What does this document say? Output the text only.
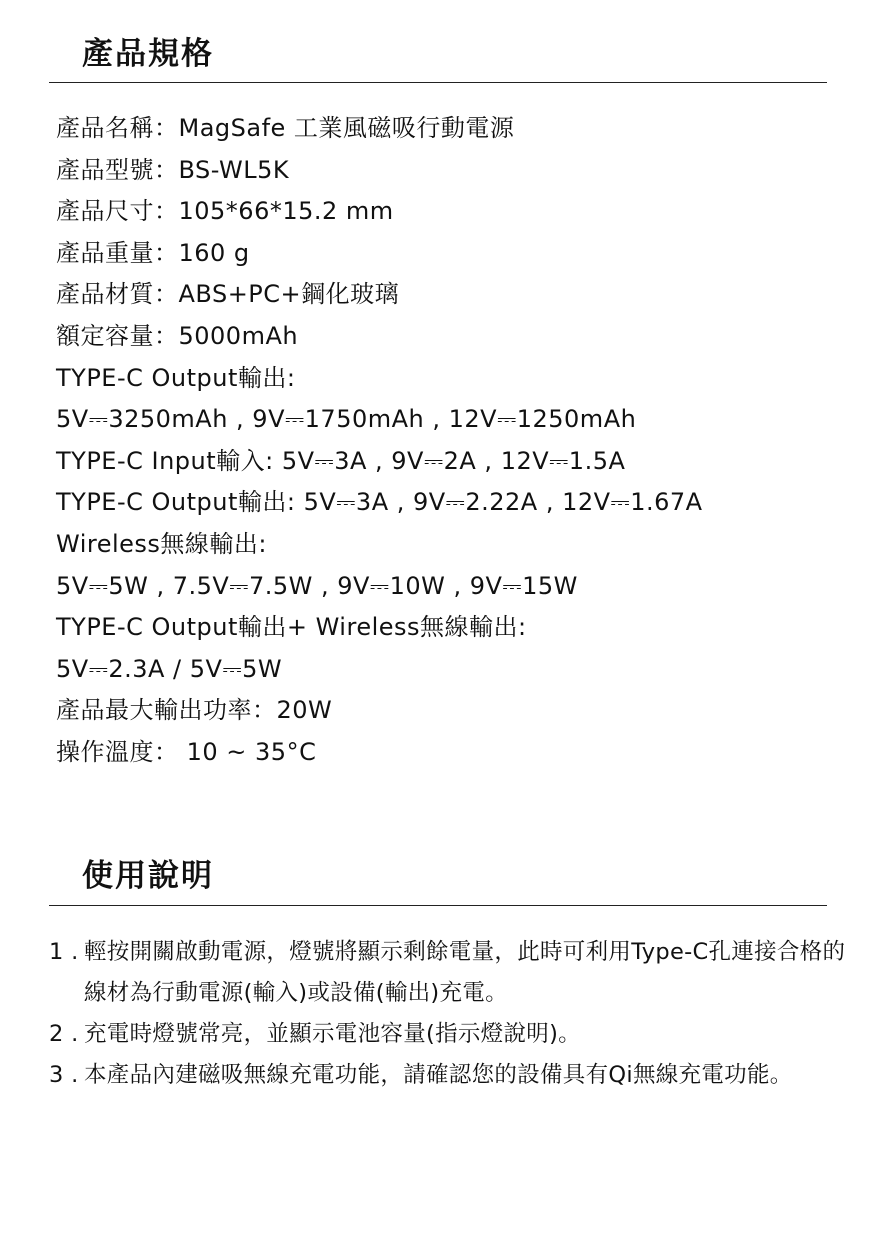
產品規格
產品名稱：MagSafe 工業風磁吸行動電源
產品型號：BS-WL5K
產品尺寸：105*66*15.2 mm
產品重量：160 g
產品材質：ABS+PC+鋼化玻璃
額定容量：5000mAh
TYPE-C Output輸出:
5V⎓3250mAh , 9V⎓1750mAh , 12V⎓1250mAh
TYPE-C Input輸入: 5V⎓3A , 9V⎓2A , 12V⎓1.5A
TYPE-C Output輸出: 5V⎓3A , 9V⎓2.22A , 12V⎓1.67A
Wireless無線輸出:
5V⎓5W , 7.5V⎓7.5W , 9V⎓10W , 9V⎓15W
TYPE-C Output輸出+ Wireless無線輸出:
5V⎓2.3A / 5V⎓5W
產品最大輸出功率：20W
操作溫度： 10 ~ 35°C
使用說明
1 . 輕按開關啟動電源，燈號將顯示剩餘電量，此時可利用Type-C孔連接合格的線材為行動電源(輸入)或設備(輸出)充電。
2 . 充電時燈號常亮，並顯示電池容量(指示燈說明)。
3 . 本產品內建磁吸無線充電功能，請確認您的設備具有Qi無線充電功能。
